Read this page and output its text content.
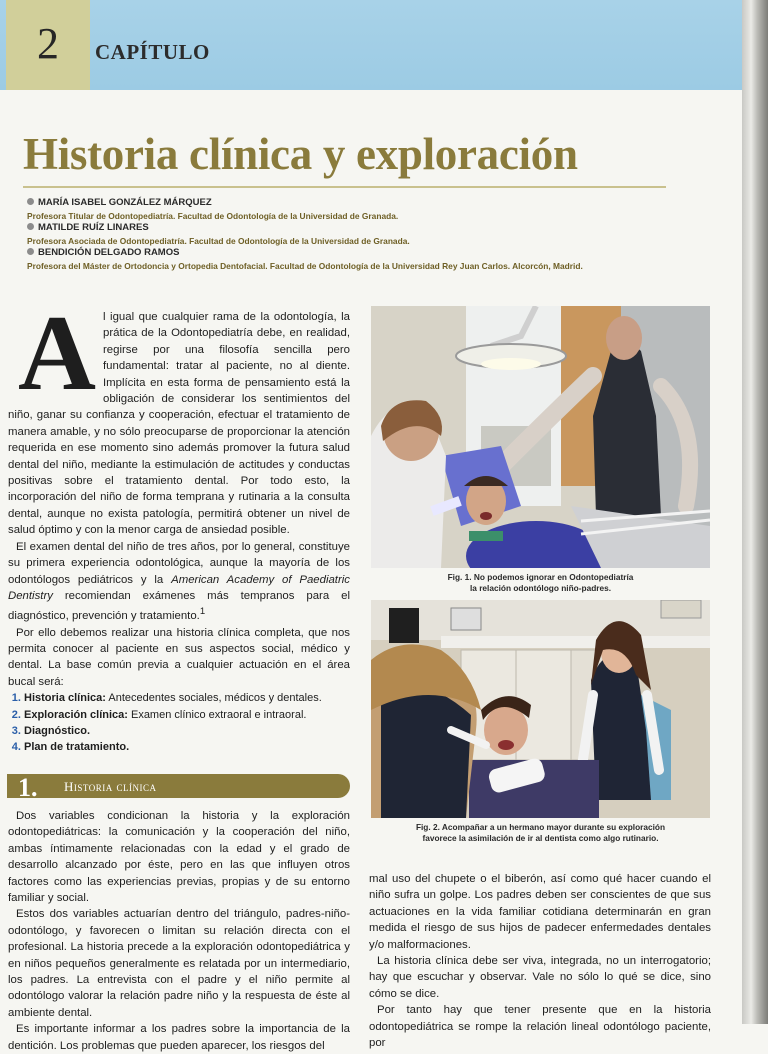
2	CAPÍTULO
Historia clínica y exploración
MARÍA ISABEL GONZÁLEZ MÁRQUEZ
Profesora Titular de Odontopediatría. Facultad de Odontología de la Universidad de Granada.
MATILDE RUÍZ LINARES
Profesora Asociada de Odontopediatría. Facultad de Odontología de la Universidad de Granada.
BENDICIÓN DELGADO RAMOS
Profesora del Máster de Ortodoncia y Ortopedia Dentofacial. Facultad de Odontología de la Universidad Rey Juan Carlos. Alcorcón, Madrid.

Al igual que cualquier rama de la odontología, la prática de la Odontopediatría debe, en realidad, regirse por una filosofía sencilla pero fundamental: tratar al paciente, no al diente. Implícita en esta forma de pensamiento está la obligación de considerar los sentimientos del niño, ganar su confianza y cooperación, efectuar el tratamiento de manera amable, y no sólo preocuparse de proporcionar la atención requerida en ese momento sino además promover la futura salud dental del niño, mediante la estimulación de actitudes y conductas positivas sobre el tratamiento dental. Por todo esto, la incorporación del niño de forma temprana y rutinaria a la consulta dental, aunque no exista patología, permitirá obtener un nivel de salud óptimo y con la menor carga de ansiedad posible.

El examen dental del niño de tres años, por lo general, constituye su primera experiencia odontológica, aunque la mayoría de los odontólogos pediátricos y la American Academy of Paediatric Dentistry recomiendan exámenes más tempranos para el diagnóstico, prevención y tratamiento.$^1$

Por ello debemos realizar una historia clínica completa, que nos permita conocer al paciente en sus aspectos social, médico y dental. La base común previa a cualquier actuación en el área bucal será:

1. Historia clínica: Antecedentes sociales, médicos y dentales.
2. Exploración clínica: Examen clínico extraoral e intraoral.
3. Diagnóstico.
4. Plan de tratamiento.
1. Historia clínica

Dos variables condicionan la historia y la exploración odontopediátricas: la comunicación y la cooperación del niño, ambas íntimamente relacionadas con la edad y el grado de desarrollo alcanzado por éste, pero en las que influyen otros factores como las experiencias previas, propias y de su entorno familiar y social.

Estos dos variables actuarían dentro del triángulo, padres-niño-odontólogo, y favorecen o limitan su relación directa con el profesional. La historia precede a la exploración odontopediátrica y en niños pequeños generalmente es relatada por un intermediario, los padres. La entrevista con el padre y el niño permite al odontólogo valorar la relación padre niño y la respuesta de éste al ambiente dental.

Es importante informar a los padres sobre la importancia de la dentición. Los problemas que pueden aparecer, los riesgos del

Fig. 1. No podemos ignorar en Odontopediatría
la relación odontólogo niño-padres.
Fig. 2. Acompañar a un hermano mayor durante su exploración
favorece la asimilación de ir al dentista como algo rutinario.

mal uso del chupete o el biberón, así como qué hacer cuando el niño sufra un golpe. Los padres deben ser conscientes de que sus actuaciones en la vida familiar cotidiana determinarán en gran medida el riesgo de sus hijos de padecer enfermedades dentales y/o malformaciones.

La historia clínica debe ser viva, integrada, no un interrogatorio; hay que escuchar y observar. Vale no sólo lo qué se dice, sino cómo se dice.

Por tanto hay que tener presente que en la historia odontopediátrica se rompe la relación lineal odontólogo paciente, por
